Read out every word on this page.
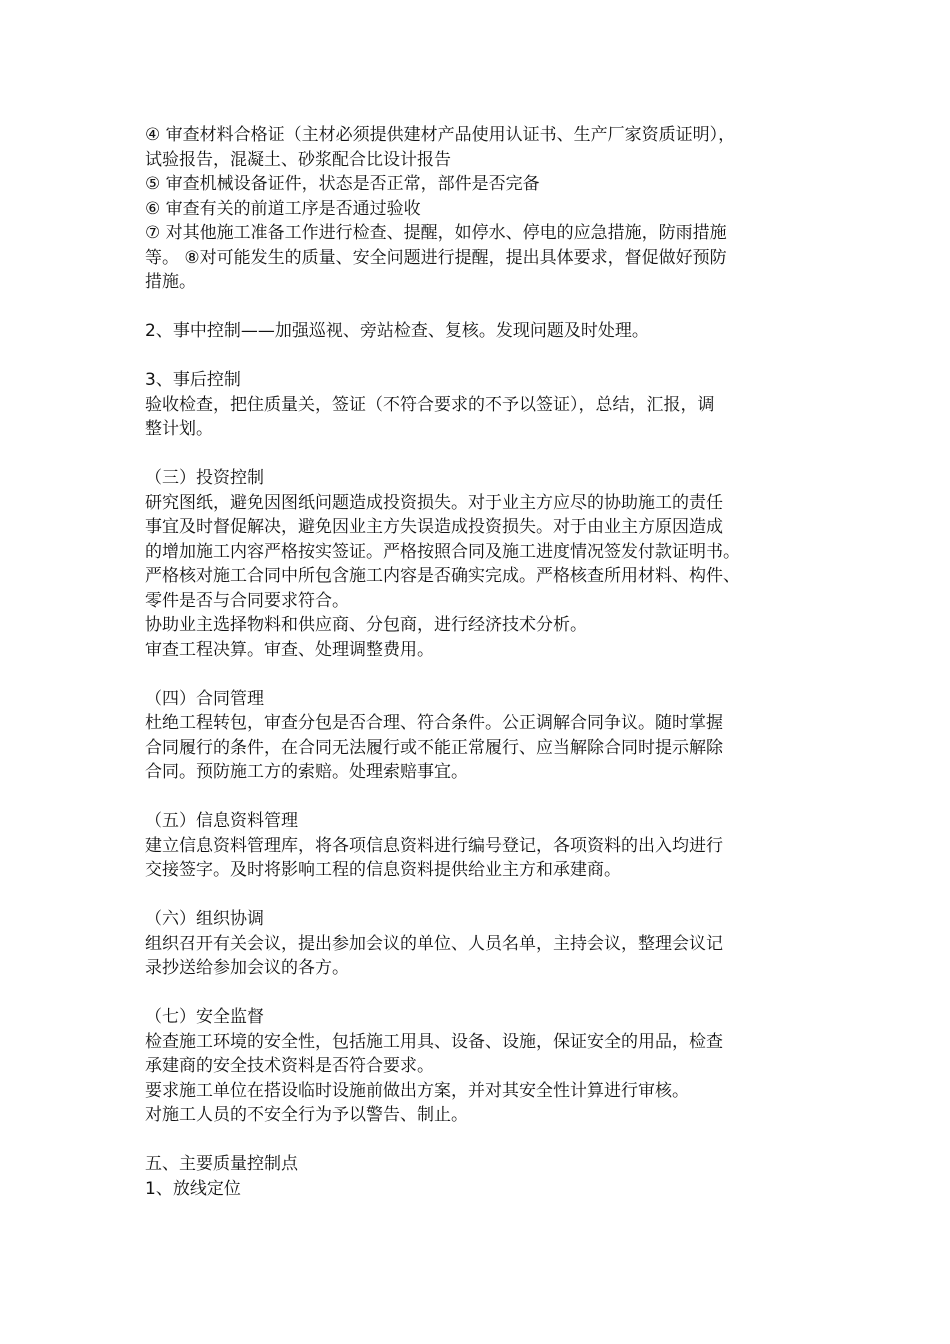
④ 审查材料合格证（主材必须提供建材产品使用认证书、生产厂家资质证明），
试验报告，混凝土、砂浆配合比设计报告
⑤ 审查机械设备证件，状态是否正常，部件是否完备
⑥ 审查有关的前道工序是否通过验收
⑦ 对其他施工准备工作进行检查、提醒，如停水、停电的应急措施，防雨措施
等。 ⑧对可能发生的质量、安全问题进行提醒，提出具体要求，督促做好预防
措施。
2、事中控制——加强巡视、旁站检查、复核。发现问题及时处理。
3、事后控制
验收检查，把住质量关，签证（不符合要求的不予以签证），总结，汇报，调
整计划。
（三）投资控制
研究图纸，避免因图纸问题造成投资损失。对于业主方应尽的协助施工的责任
事宜及时督促解决，避免因业主方失误造成投资损失。对于由业主方原因造成
的增加施工内容严格按实签证。严格按照合同及施工进度情况签发付款证明书。
严格核对施工合同中所包含施工内容是否确实完成。严格核查所用材料、构件、
零件是否与合同要求符合。
协助业主选择物料和供应商、分包商，进行经济技术分析。
审查工程决算。审查、处理调整费用。
（四）合同管理
杜绝工程转包，审查分包是否合理、符合条件。公正调解合同争议。随时掌握
合同履行的条件，在合同无法履行或不能正常履行、应当解除合同时提示解除
合同。预防施工方的索赔。处理索赔事宜。
（五）信息资料管理
建立信息资料管理库，将各项信息资料进行编号登记，各项资料的出入均进行
交接签字。及时将影响工程的信息资料提供给业主方和承建商。
（六）组织协调
组织召开有关会议，提出参加会议的单位、人员名单，主持会议，整理会议记
录抄送给参加会议的各方。
（七）安全监督
检查施工环境的安全性，包括施工用具、设备、设施，保证安全的用品，检查
承建商的安全技术资料是否符合要求。
要求施工单位在搭设临时设施前做出方案，并对其安全性计算进行审核。
对施工人员的不安全行为予以警告、制止。
五、主要质量控制点
1、放线定位
